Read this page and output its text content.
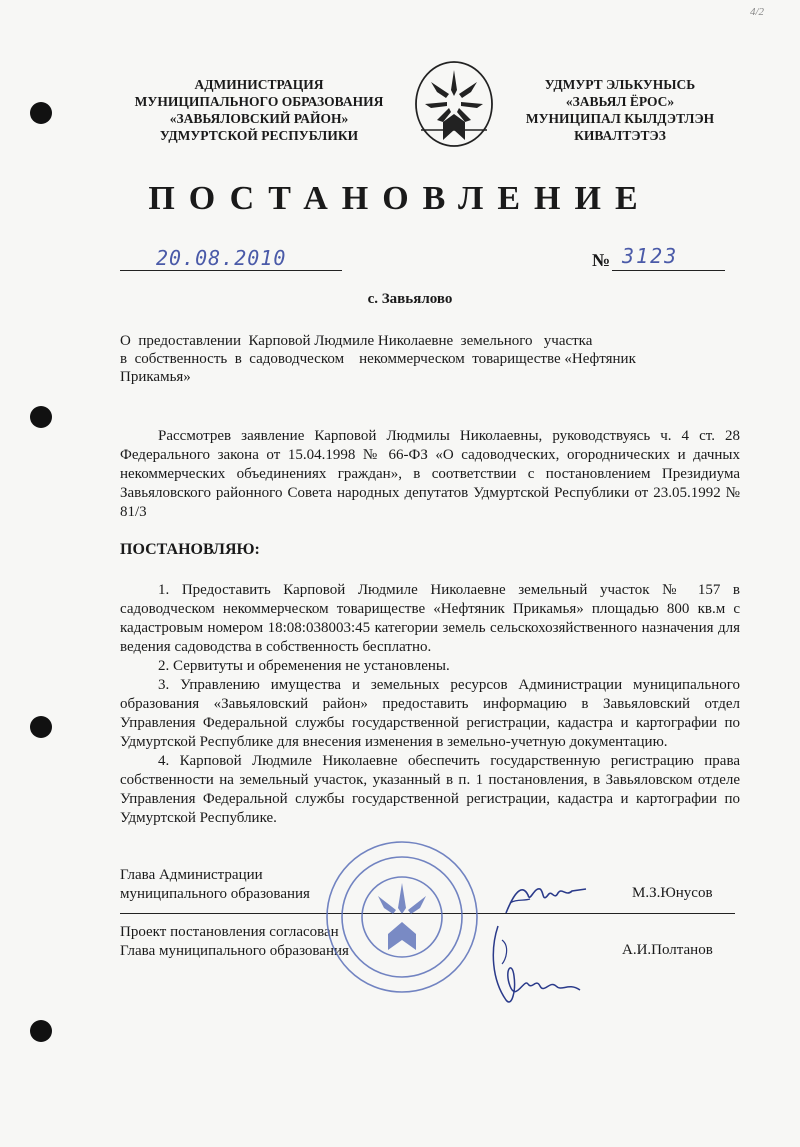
4/2
АДМИНИСТРАЦИЯ
МУНИЦИПАЛЬНОГО ОБРАЗОВАНИЯ
«ЗАВЬЯЛОВСКИЙ РАЙОН»
УДМУРТСКОЙ РЕСПУБЛИКИ
УДМУРТ ЭЛЬКУНЫСЬ
«ЗАВЬЯЛ ЁРОС»
МУНИЦИПАЛ КЫЛДЭТЛЭН
КИВАЛТЭТЭЗ
ПОСТАНОВЛЕНИЕ
20.08.2010	№ 3123
с. Завьялово
О  предоставлении  Карповой Людмиле Николаевне  земельного   участка
в  собственность  в  садоводческом    некоммерческом  товариществе «Нефтяник
Прикамья»
Рассмотрев заявление Карповой Людмилы Николаевны, руководствуясь ч. 4 ст. 28 Федерального закона от 15.04.1998 № 66-ФЗ «О садоводческих, огороднических и дачных некоммерческих объединениях граждан», в соответствии с постановлением Президиума Завьяловского районного Совета народных депутатов Удмуртской Республики от 23.05.1992 № 81/3
ПОСТАНОВЛЯЮ:
1. Предоставить Карповой Людмиле Николаевне земельный участок № 157 в садоводческом некоммерческом товариществе «Нефтяник Прикамья» площадью 800 кв.м с кадастровым номером 18:08:038003:45 категории земель сельскохозяйственного назначения для ведения садоводства в собственность бесплатно.
2. Сервитуты и обременения не установлены.
3. Управлению имущества и земельных ресурсов Администрации муниципального образования «Завьяловский район» предоставить информацию в Завьяловский отдел Управления Федеральной службы государственной регистрации, кадастра и картографии по Удмуртской Республике для внесения изменения в земельно-учетную документацию.
4. Карповой Людмиле Николаевне обеспечить государственную регистрацию права собственности на земельный участок, указанный в п. 1 постановления, в Завьяловском отделе Управления Федеральной службы государственной регистрации, кадастра и картографии по Удмуртской Республике.
Глава Администрации
муниципального образования	М.З.Юнусов
Проект постановления согласован
Глава муниципального образования	А.И.Полтанов
